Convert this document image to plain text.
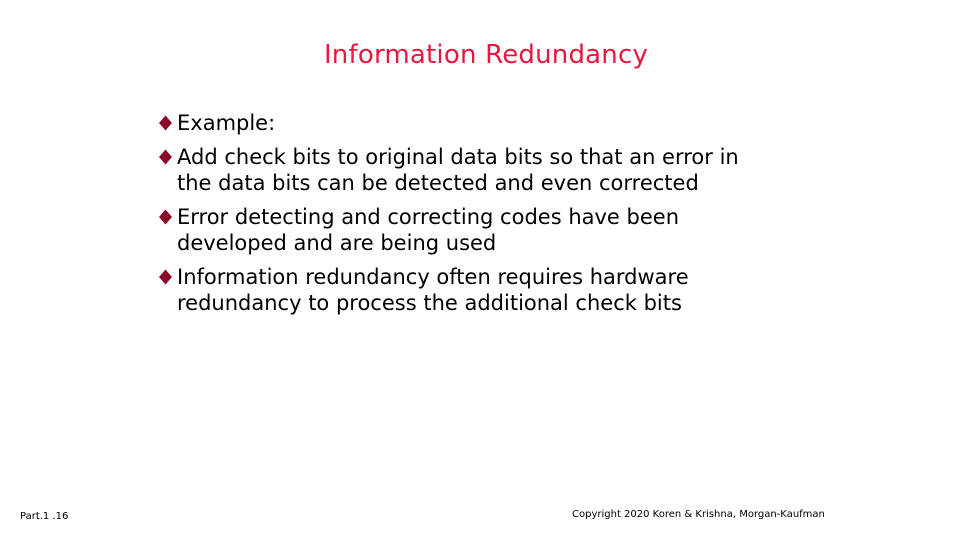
Information Redundancy
Example:
Add check bits to original data bits so that an error in the data bits can be detected and even corrected
Error detecting and correcting codes have been developed and are being used
Information redundancy often requires hardware redundancy to process the additional check bits
Part.1 .16	Copyright 2020 Koren & Krishna, Morgan-Kaufman
